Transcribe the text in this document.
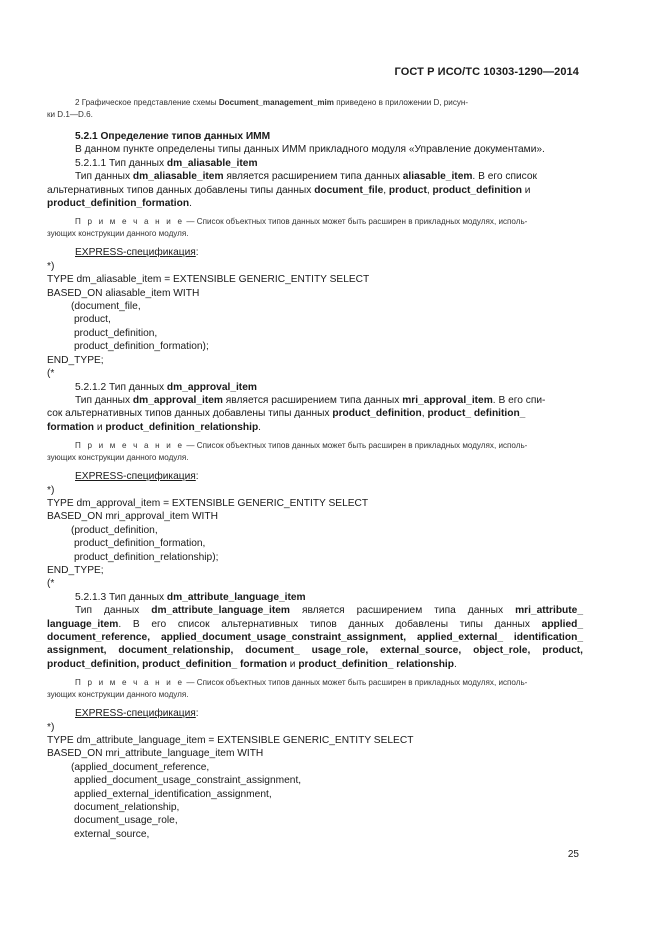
ГОСТ Р ИСО/ТС 10303-1290—2014

2 Графическое представление схемы Document_management_mim приведено в приложении D, рисун-

ки D.1—D.6.

5.2.1 Определение типов данных ИММ

В данном пункте определены типы данных ИММ прикладного модуля «Управление документами».

5.2.1.1 Тип данных dm_aliasable_item

Тип данных dm_aliasable_item является расширением типа данных aliasable_item. В его список

альтернативных типов данных добавлены типы данных document_file, product, product_definition и

product_definition_formation.

П р и м е ч а н и е — Список объектных типов данных может быть расширен в прикладных модулях, исполь-

зующих конструкции данного модуля.

EXPRESS-спецификация:

*)

TYPE dm_aliasable_item = EXTENSIBLE GENERIC_ENTITY SELECT

BASED_ON aliasable_item WITH

(document_file,

product,

product_definition,

product_definition_formation);

END_TYPE;

(*

5.2.1.2 Тип данных dm_approval_item

Тип данных dm_approval_item является расширением типа данных mri_approval_item. В его спи-

сок альтернативных типов данных добавлены типы данных product_definition, product_ definition_

formation и product_definition_relationship.

П р и м е ч а н и е — Список объектных типов данных может быть расширен в прикладных модулях, исполь-

зующих конструкции данного модуля.

EXPRESS-спецификация:

*)

TYPE dm_approval_item = EXTENSIBLE GENERIC_ENTITY SELECT

BASED_ON mri_approval_item WITH

(product_definition,

product_definition_formation,

product_definition_relationship);

END_TYPE;

(*

5.2.1.3 Тип данных dm_attribute_language_item

Тип данных dm_attribute_language_item является расширением типа данных mri_attribute_

language_item. В его список альтернативных типов данных добавлены типы данных applied_

document_reference, applied_document_usage_constraint_assignment, applied_external_ identification_

assignment, document_relationship, document_ usage_role, external_source, object_role, product,

product_definition, product_definition_ formation и product_definition_ relationship.

П р и м е ч а н и е — Список объектных типов данных может быть расширен в прикладных модулях, исполь-

зующих конструкции данного модуля.

EXPRESS-спецификация:

*)

TYPE dm_attribute_language_item = EXTENSIBLE GENERIC_ENTITY SELECT

BASED_ON mri_attribute_language_item WITH

(applied_document_reference,

applied_document_usage_constraint_assignment,

applied_external_identification_assignment,

document_relationship,

document_usage_role,

external_source,

25
